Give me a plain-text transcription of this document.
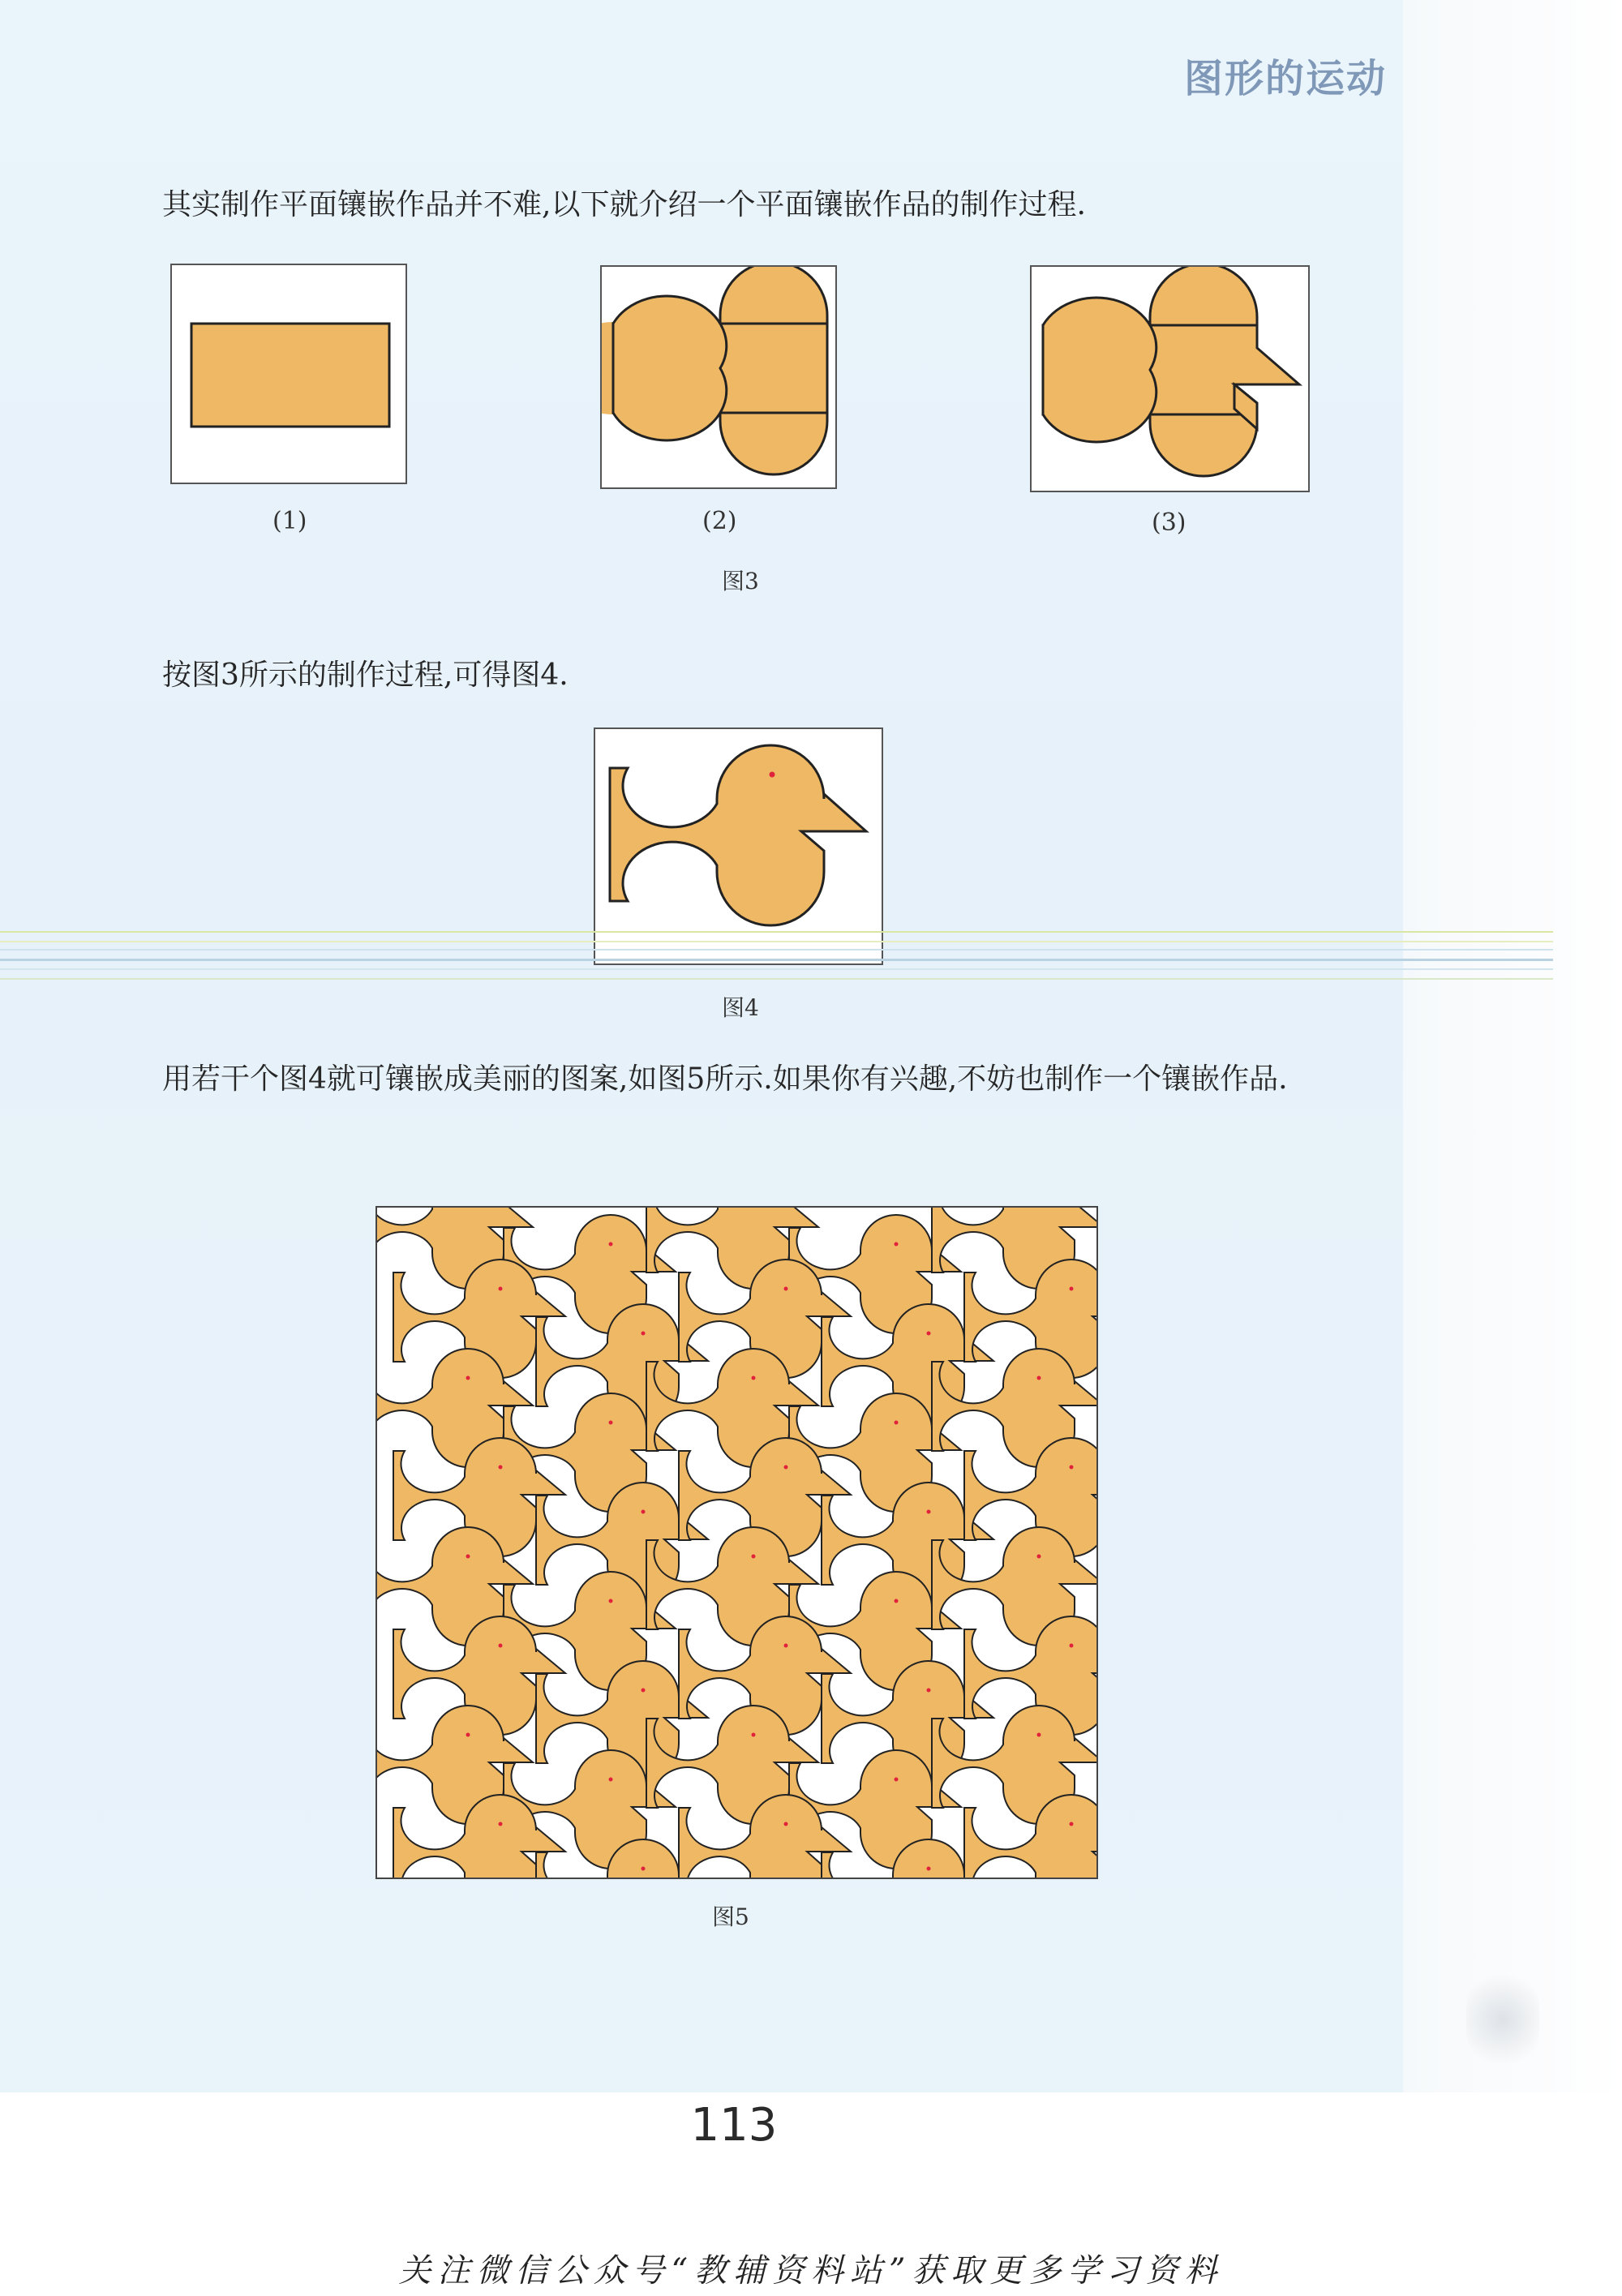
图形的运动
其实制作平面镶嵌作品并不难,以下就介绍一个平面镶嵌作品的制作过程.
(1)	(2)	(3)
图3
按图3所示的制作过程,可得图4.
图4
用若干个图4就可镶嵌成美丽的图案,如图5所示.如果你有兴趣,不妨也制作一个镶嵌作品.
图5
113
关注微信公众号“教辅资料站”获取更多学习资料
